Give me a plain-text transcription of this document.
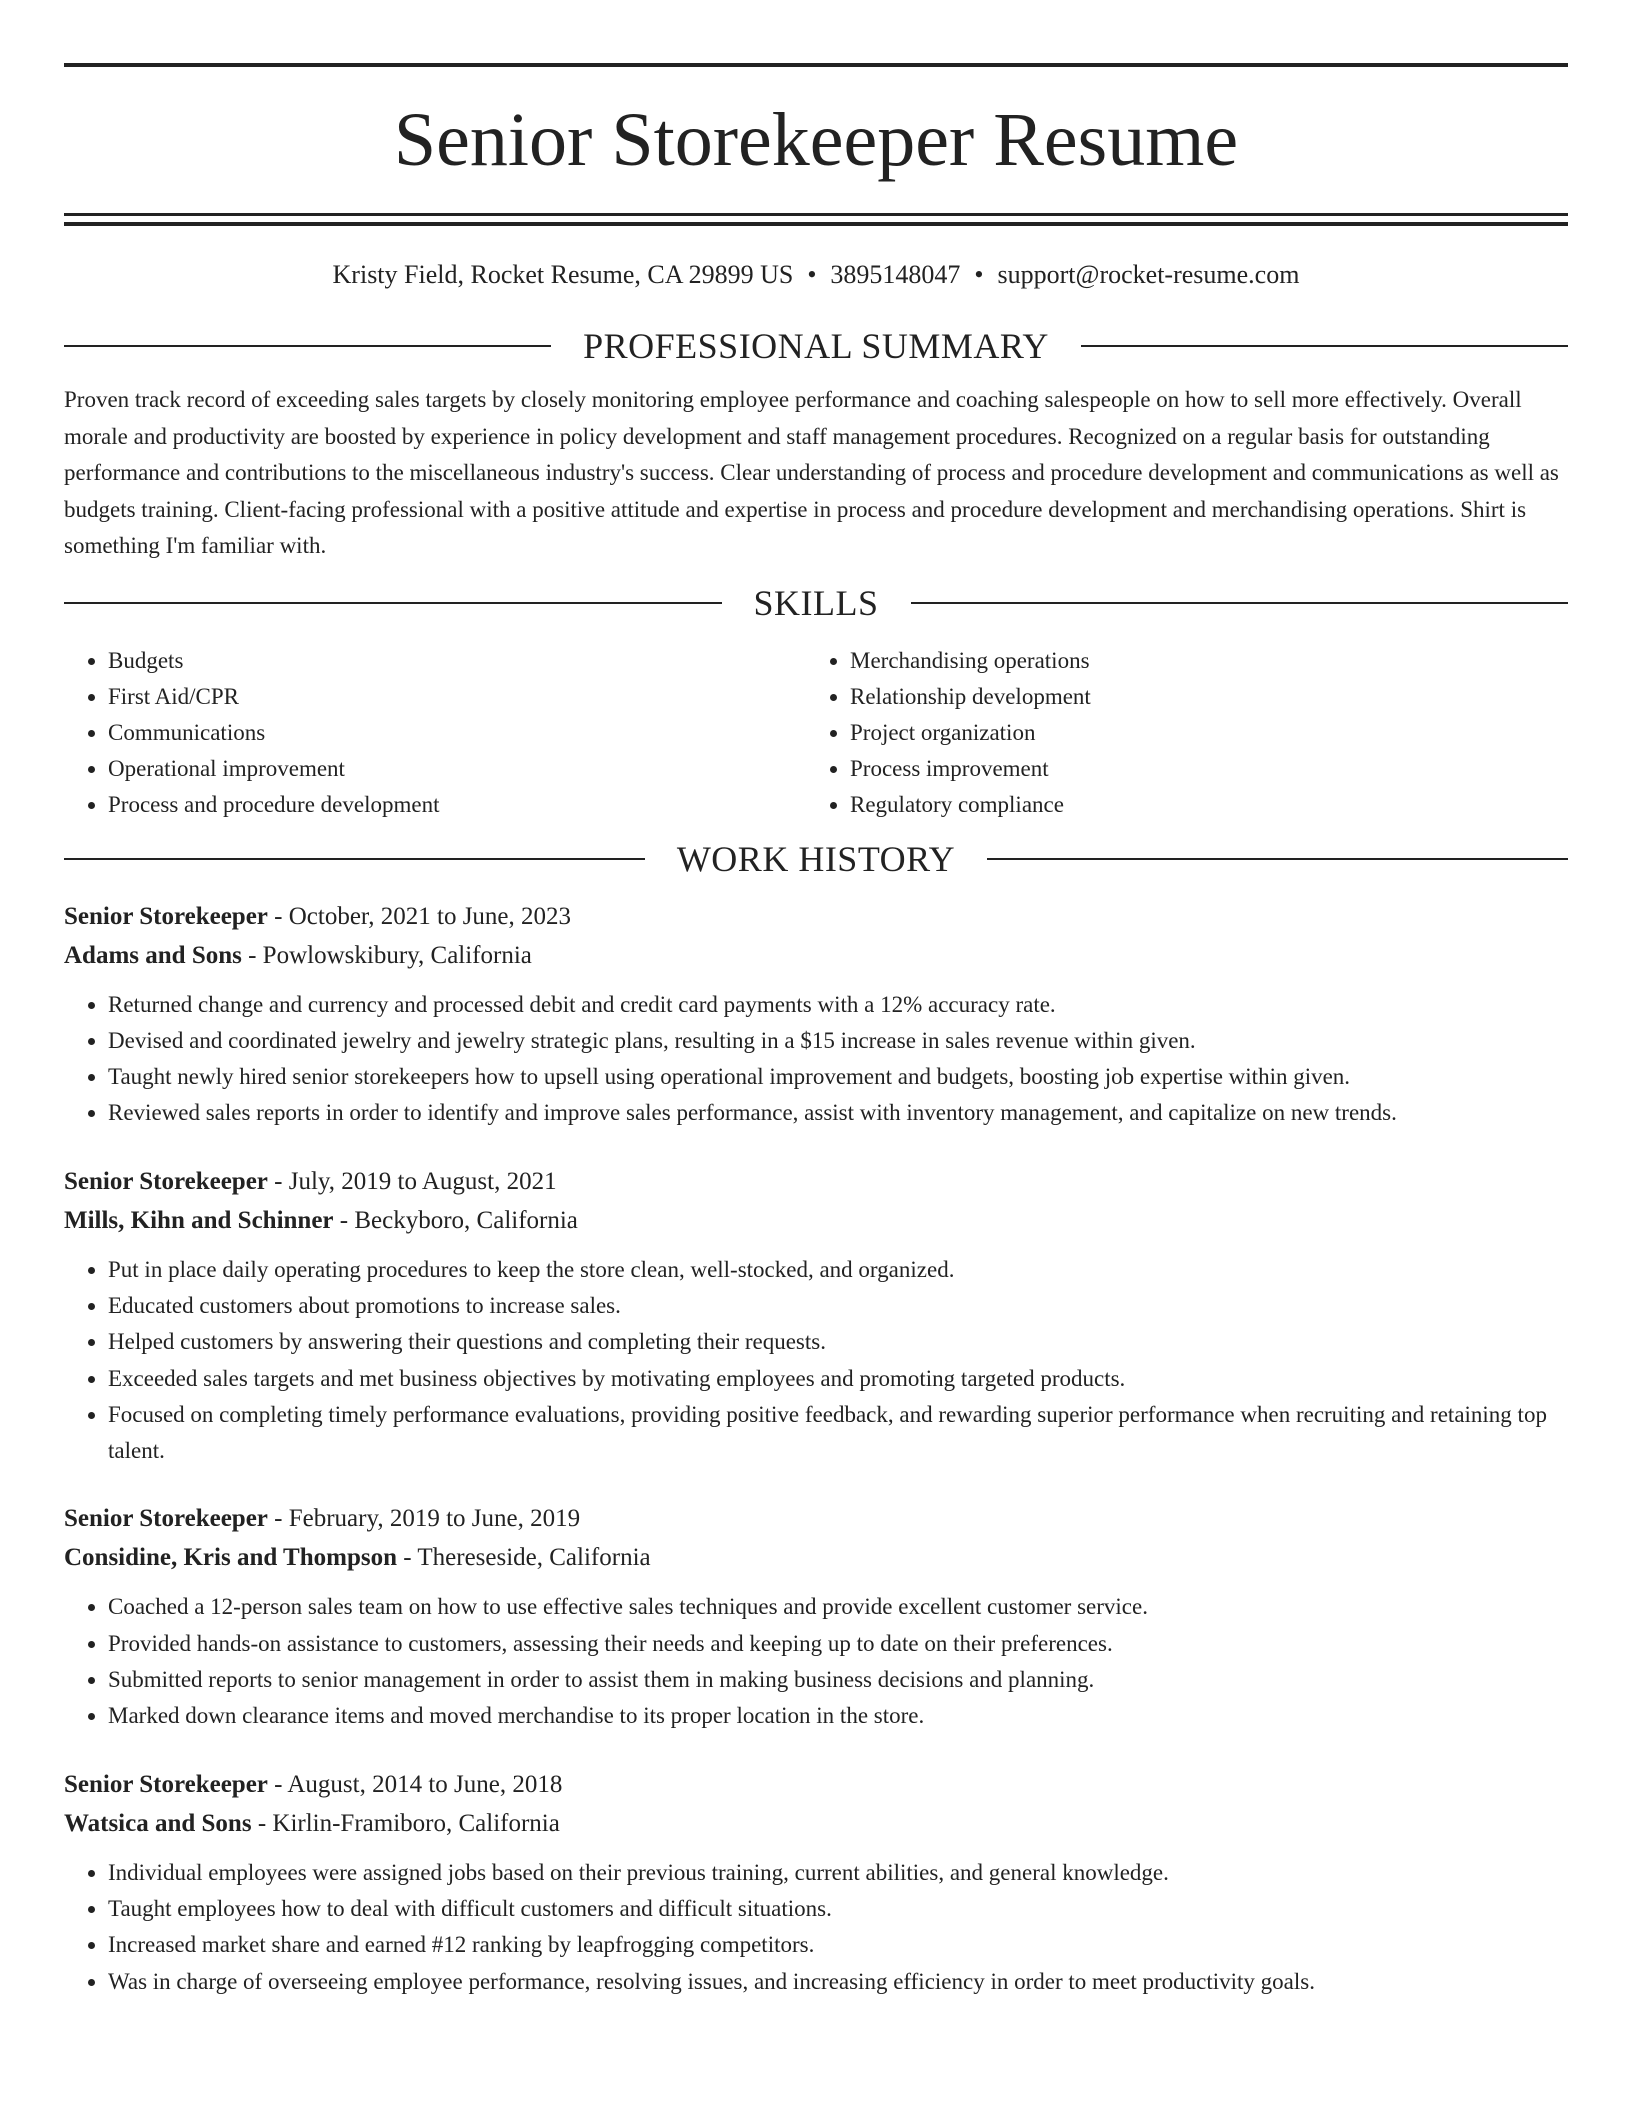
Senior Storekeeper Resume
Kristy Field, Rocket Resume, CA 29899 US • 3895148047 • support@rocket-resume.com
PROFESSIONAL SUMMARY

Proven track record of exceeding sales targets by closely monitoring employee performance and coaching salespeople on how to sell more effectively. Overall morale and productivity are boosted by experience in policy development and staff management procedures. Recognized on a regular basis for outstanding performance and contributions to the miscellaneous industry's success. Clear understanding of process and procedure development and communications as well as budgets training. Client-facing professional with a positive attitude and expertise in process and procedure development and merchandising operations. Shirt is something I'm familiar with.

SKILLS
• Budgets
• First Aid/CPR
• Communications
• Operational improvement
• Process and procedure development
• Merchandising operations
• Relationship development
• Project organization
• Process improvement
• Regulatory compliance
WORK HISTORY
Senior Storekeeper - October, 2021 to June, 2023
Adams and Sons - Powlowskibury, California
• Returned change and currency and processed debit and credit card payments with a 12% accuracy rate.
• Devised and coordinated jewelry and jewelry strategic plans, resulting in a $15 increase in sales revenue within given.
• Taught newly hired senior storekeepers how to upsell using operational improvement and budgets, boosting job expertise within given.
• Reviewed sales reports in order to identify and improve sales performance, assist with inventory management, and capitalize on new trends.
Senior Storekeeper - July, 2019 to August, 2021
Mills, Kihn and Schinner - Beckyboro, California
• Put in place daily operating procedures to keep the store clean, well-stocked, and organized.
• Educated customers about promotions to increase sales.
• Helped customers by answering their questions and completing their requests.
• Exceeded sales targets and met business objectives by motivating employees and promoting targeted products.
• Focused on completing timely performance evaluations, providing positive feedback, and rewarding superior performance when recruiting and retaining top talent.
Senior Storekeeper - February, 2019 to June, 2019
Considine, Kris and Thompson - Thereseside, California
• Coached a 12-person sales team on how to use effective sales techniques and provide excellent customer service.
• Provided hands-on assistance to customers, assessing their needs and keeping up to date on their preferences.
• Submitted reports to senior management in order to assist them in making business decisions and planning.
• Marked down clearance items and moved merchandise to its proper location in the store.
Senior Storekeeper - August, 2014 to June, 2018
Watsica and Sons - Kirlin-Framiboro, California
• Individual employees were assigned jobs based on their previous training, current abilities, and general knowledge.
• Taught employees how to deal with difficult customers and difficult situations.
• Increased market share and earned #12 ranking by leapfrogging competitors.
• Was in charge of overseeing employee performance, resolving issues, and increasing efficiency in order to meet productivity goals.
